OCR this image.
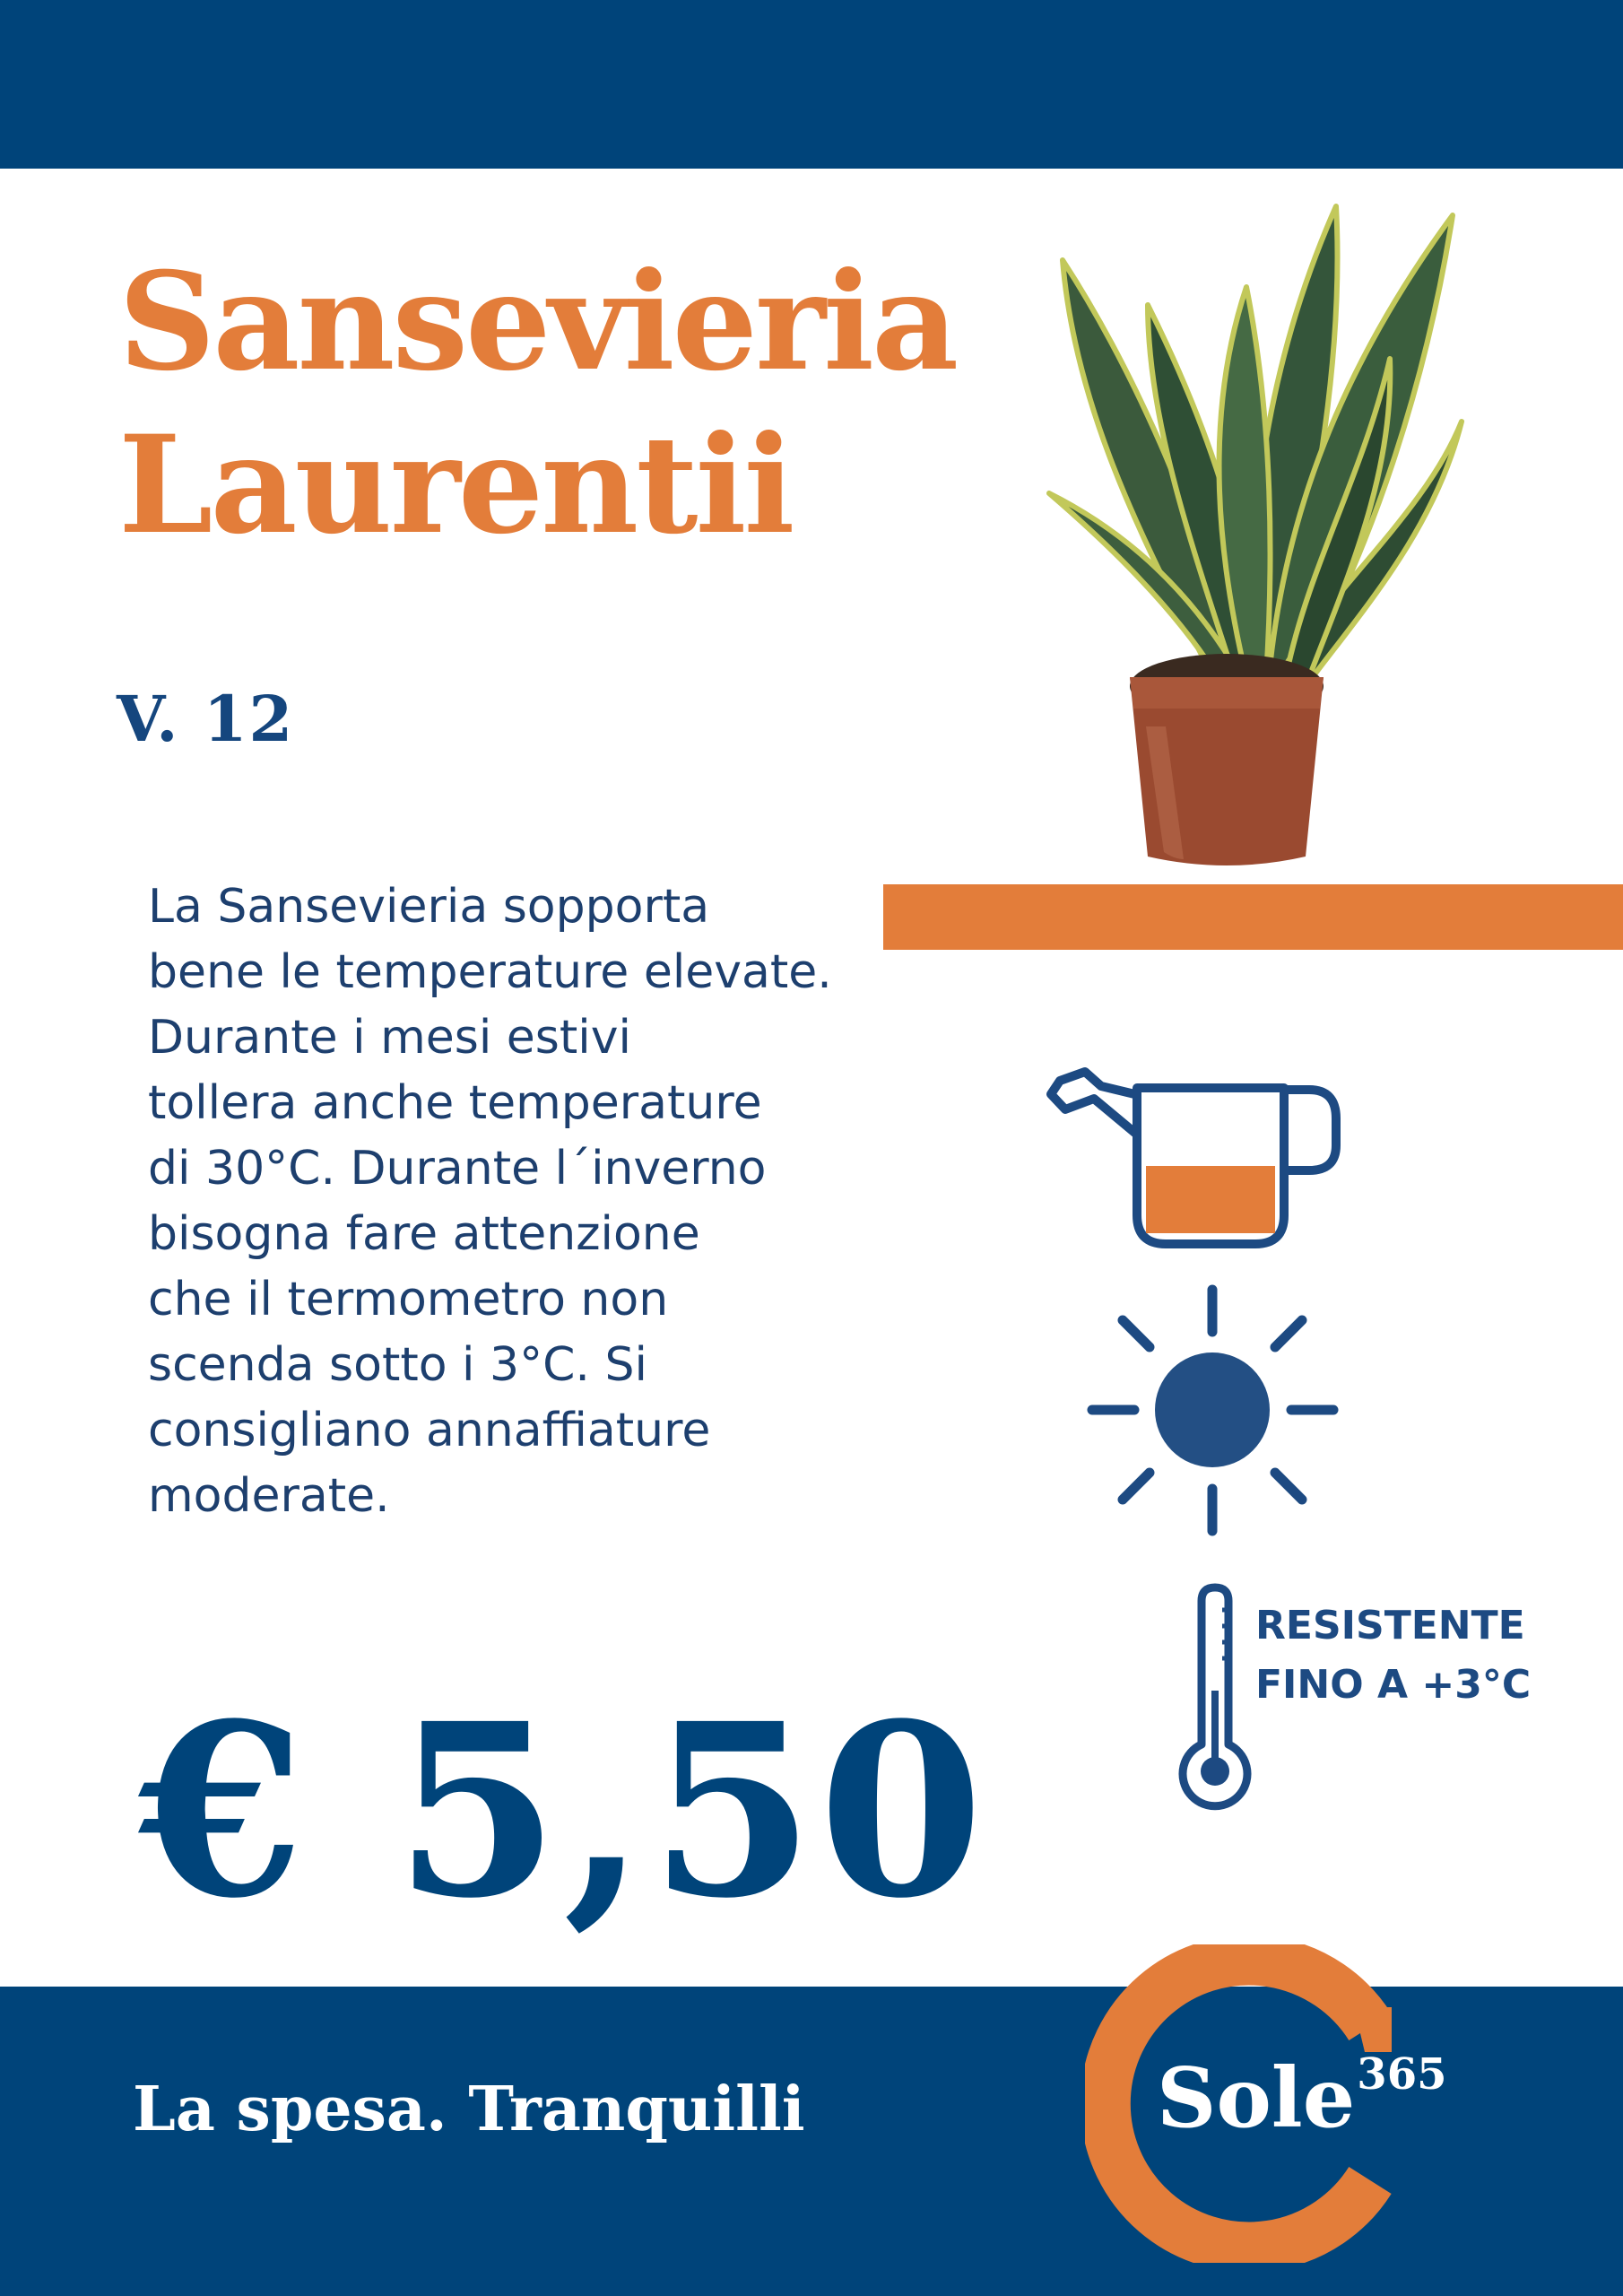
Sansevieria
Laurentii
V. 12

La Sansevieria sopporta
bene le temperature elevate.
Durante i mesi estivi
tollera anche temperature
di 30°C. Durante l´inverno
bisogna fare attenzione
che il termometro non
scenda sotto i 3°C. Si
consigliano annaffiature
moderate.

RESISTENTE
FINO A +3°C

€ 5,50
La spesa. Tranquilli	Sole365
